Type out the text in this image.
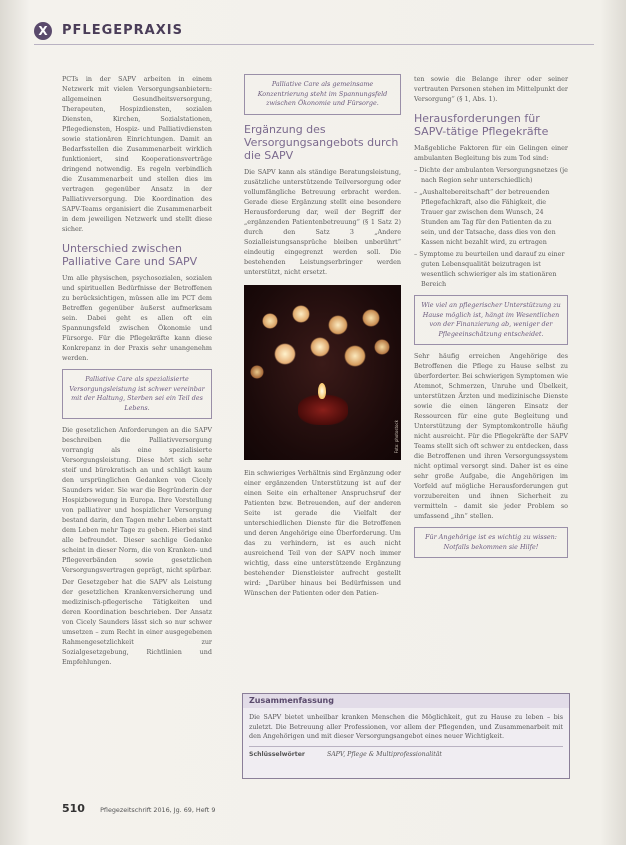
X	PFLEGEPRAXIS

PCTs in der SAPV arbeiten in einem Netzwerk mit vielen Versorgungsanbietern: allgemeinen Gesundheitsversorgung, Therapeuten, Hospizdiensten, sozialen Diensten, Kirchen, Sozialstationen, Pflegediensten, Hospiz- und Palliativdiensten sowie stationären Einrichtungen. Damit an Bedarfsstellen die Zusammenarbeit wirklich funktioniert, sind Kooperationsverträge dringend notwendig. Es regeln verbindlich die Zusammenarbeit und stellen dies im vertragen gegenüber Ansatz in der Palliativversorgung. Die Koordination des SAPV-Teams organisiert die Zusammenarbeit in dem jeweiligen Netzwerk und stellt diese sicher.

Unterschied zwischen Palliative Care und SAPV

Um alle physischen, psychosozialen, sozialen und spirituellen Bedürfnisse der Betroffenen zu berücksichtigen, müssen alle im PCT dem Betreffen gegenüber äußerst aufmerksam sein. Dabei geht es allen oft ein Spannungsfeld zwischen Ökonomie und Fürsorge. Für die Pflegekräfte kann diese Konkrepanz in der Praxis sehr unangenehm werden.

Palliative Care als spezialisierte Versorgungsleistung ist schwer vereinbar mit der Haltung, Sterben sei ein Teil des Lebens.

Die gesetzlichen Anforderungen an die SAPV beschreiben die Palliativversorgung vorrangig als eine spezialisierte Versorgungsleistung. Diese hört sich sehr steif und bürokratisch an und schlägt kaum den ursprünglichen Gedanken von Cicely Saunders wider. Sie war die Begründerin der Hospizbewegung in Europa. Ihre Vorstellung von palliativer und hospizlicher Versorgung bestand darin, den Tagen mehr Leben anstatt dem Leben mehr Tage zu geben. Hierbei sind alle befreundet. Dieser sachlige Gedanke scheint in dieser Norm, die von Kranken- und Pflegeverbänden sowie gesetzlichen Versorgungsvertragen geprägt, nicht spürbar.

Der Gesetzgeber hat die SAPV als Leistung der gesetzlichen Krankenversicherung und medizinisch-pflegerische Tätigkeiten und deren Koordination beschrieben. Der Ansatz von Cicely Saunders lässt sich so nur schwer umsetzen – zum Recht in einer ausgegebenen Rahmengesetzlichkeit zur Sozialgesetzgebung, Richtlinien und Empfehlungen.

Palliative Care als gemeinsame Konzentrierung steht im Spannungsfeld zwischen Ökonomie und Fürsorge.
Ergänzung des Versorgungsangebots durch die SAPV

Die SAPV kann als ständige Beratungsleistung, zusätzliche unterstützende Teilversorgung oder vollumfängliche Betreuung erbracht werden. Gerade diese Ergänzung stellt eine besondere Herausforderung dar, weil der Begriff der „ergänzenden Patientenbetreuung“ (§ 1 Satz 2) durch den Satz 3 „Andere Sozialleistungsansprüche bleiben unberührt“ eindeutig eingegrenzt werden soll. Die bestehenden Leistungserbringer werden unterstützt, nicht ersetzt.

Foto: photostock

Ein schwieriges Verhältnis sind Ergänzung oder einer ergänzenden Unterstützung ist auf der einen Seite ein erhaltener Anspruchsruf der Patienten bzw. Betreuenden, auf der anderen Seite ist gerade die Vielfalt der unterschiedlichen Dienste für die Betroffenen und deren Angehörige eine Überforderung. Um das zu verhindern, ist es auch nicht ausreichend Teil von der SAPV noch immer wichtig, dass eine unterstützende Ergänzung bestehender Dienstleister aufrecht gestellt wird: „Darüber hinaus bei Bedürfnissen und Wünschen der Patienten oder den Patien-

ten sowie die Belange ihrer oder seiner vertrauten Personen stehen im Mittelpunkt der Versorgung“ (§ 1, Abs. 1).

Herausforderungen für SAPV-tätige Pflegekräfte

Maßgebliche Faktoren für ein Gelingen einer ambulanten Begleitung bis zum Tod sind:

– Dichte der ambulanten Versorgungsnetzes (je nach Region sehr unterschiedlich)
– „Aushaltebereitschaft“ der betreuenden Pflegefachkraft, also die Fähigkeit, die Trauer gar zwischen dem Wunsch, 24 Stunden am Tag für den Patienten da zu sein, und der Tatsache, dass dies von den Kassen nicht bezahlt wird, zu ertragen
– Symptome zu beurteilen und darauf zu einer guten Lebensqualität beizutragen ist wesentlich schwieriger als im stationären Bereich
Wie viel an pflegerischer Unterstützung zu Hause möglich ist, hängt im Wesentlichen von der Finanzierung ab, weniger der Pflegeeinschätzung entscheidet.

Sehr häufig erreichen Angehörige des Betroffenen die Pflege zu Hause selbst zu überforderter. Bei schwierigen Symptomen wie Atemnot, Schmerzen, Unruhe und Übelkeit, unterstützen Ärzten und medizinische Dienste sowie die einen längeren Einsatz der Ressourcen für eine gute Begleitung und Unterstützung der Symptomkontrolle häufig nicht ausreicht. Für die Pflegekräfte der SAPV Teams stellt sich oft schwer zu entdecken, dass die Betroffenen und ihren Versorgungssystem nicht optimal versorgt sind. Daher ist es eine sehr große Aufgabe, die Angehörigen im Vorfeld auf mögliche Herausforderungen gut vorzubereiten und ihnen Sicherheit zu vermitteln – damit sie jeder Problem so umfassend „ihn“ stellen.

Für Angehörige ist es wichtig zu wissen: Notfalls bekommen sie Hilfe!
Zusammenfassung
Die SAPV bietet unheilbar kranken Menschen die Möglichkeit, gut zu Hause zu leben – bis zuletzt. Die Betreuung aller Professionen, vor allem der Pflegenden, und Zusammenarbeit mit den Angehörigen und mit dieser Versorgungsangebot eines neuer Wichtigkeit.
Schlüsselwörter	SAPV, Pflege & Multiprofessionalität
510 Pflegezeitschrift 2016, Jg. 69, Heft 9
